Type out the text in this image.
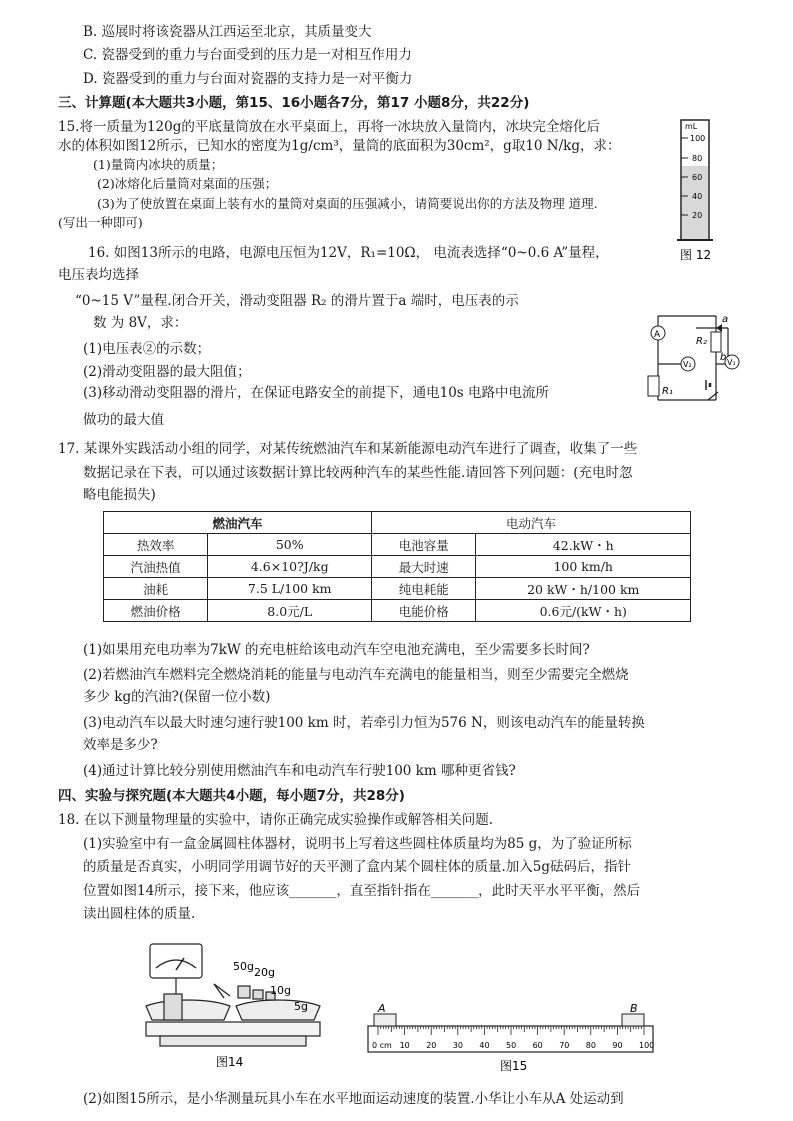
B. 巡展时将该瓷器从江西运至北京，其质量变大
C. 瓷器受到的重力与台面受到的压力是一对相互作用力
D. 瓷器受到的重力与台面对瓷器的支持力是一对平衡力
三、计算题(本大题共3小题，第15、16小题各7分，第17 小题8分，共22分)
15.将一质量为120g的平底量筒放在水平桌面上，再将一冰块放入量筒内，冰块完全熔化后
水的体积如图12所示，已知水的密度为1g/cm³，量筒的底面积为30cm²，g取10 N/kg，求：
(1)量筒内冰块的质量；
(2)冰熔化后量筒对桌面的压强；
(3)为了使放置在桌面上装有水的量筒对桌面的压强减小，请简要说出你的方法及物理 道理.
(写出一种即可)
mL
100
80
60
40
20
图 12
16. 如图13所示的电路，电源电压恒为12V，R₁=10Ω， 电流表选择“0~0.6 A”量程，
电压表均选择
“0~15 V”量程.闭合开关，滑动变阻器 R₂ 的滑片置于a 端时，电压表的示
数 为 8V，求：
(1)电压表②的示数；
(2)滑动变阻器的最大阻值；
(3)移动滑动变阻器的滑片，在保证电路安全的前提下，通电10s 电路中电流所
做功的最大值
A
V₂	V₁
R₁
R₂
a
b
17. 某课外实践活动小组的同学，对某传统燃油汽车和某新能源电动汽车进行了调查，收集了一些
数据记录在下表，可以通过该数据计算比较两种汽车的某些性能.请回答下列问题：(充电时忽
略电能损失)
燃油汽车		电动汽车	
热效率	50%	电池容量	42.kW・h
汽油热值	4.6×10?J/kg	最大时速	100 km/h
油耗	7.5 L/100 km	纯电耗能	20 kW・h/100 km
燃油价格	8.0元/L	电能价格	0.6元/(kW・h)
(1)如果用充电功率为7kW 的充电桩给该电动汽车空电池充满电，至少需要多长时间?
(2)若燃油汽车燃料完全燃烧消耗的能量与电动汽车充满电的能量相当，则至少需要完全燃烧
多少 kg的汽油?(保留一位小数)
(3)电动汽车以最大时速匀速行驶100 km 时，若牵引力恒为576 N，则该电动汽车的能量转换
效率是多少?
(4)通过计算比较分别使用燃油汽车和电动汽车行驶100 km 哪种更省钱?
四、实验与探究题(本大题共4小题，每小题7分，共28分)
18. 在以下测量物理量的实验中，请你正确完成实验操作或解答相关问题.
(1)实验室中有一盒金属圆柱体器材，说明书上写着这些圆柱体质量均为85 g，为了验证所标
的质量是否真实，小明同学用调节好的天平测了盒内某个圆柱体的质量.加入5g砝码后，指针
位置如图14所示，接下来，他应该_______，直至指针指在_______，此时天平水平平衡，然后
读出圆柱体的质量.
50g 20g
10g
5g
图14
A	B
0 cm 10 20 30 40 50 60 70 80 90 100
图15
(2)如图15所示，是小华测量玩具小车在水平地面运动速度的装置.小华让小车从A 处运动到
